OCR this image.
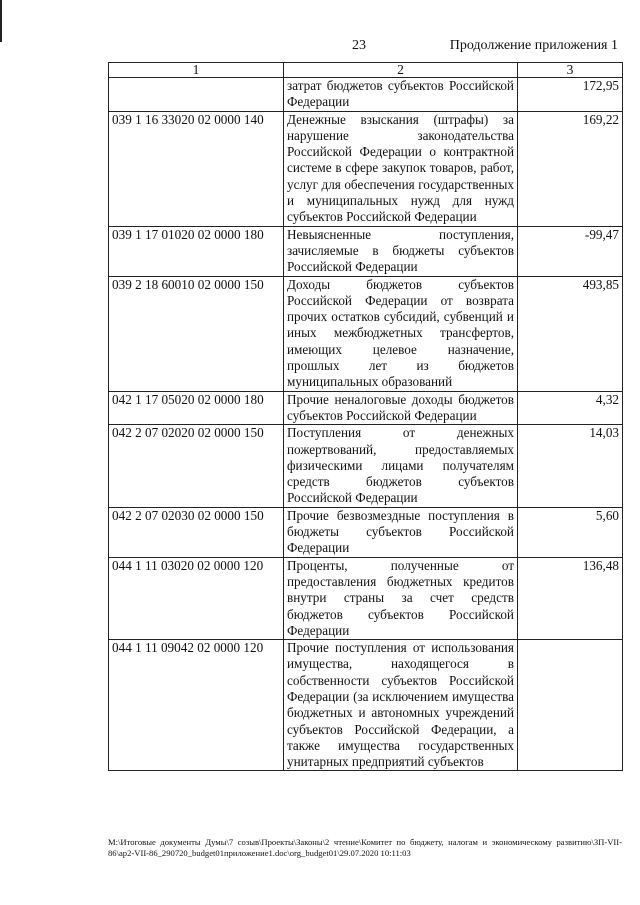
23	Продолжение приложения 1
1	2	3
	затрат бюджетов субъектов Российской Федерации	172,95
039 1 16 33020 02 0000 140	Денежные взыскания (штрафы) за нарушение законодательства Российской Федерации о контрактной системе в сфере закупок товаров, работ, услуг для обеспечения государственных и муниципальных нужд для нужд субъектов Российской Федерации	169,22
039 1 17 01020 02 0000 180	Невыясненные поступления, зачисляемые в бюджеты субъектов Российской Федерации	-99,47
039 2 18 60010 02 0000 150	Доходы бюджетов субъектов Российской Федерации от возврата прочих остатков субсидий, субвенций и иных межбюджетных трансфертов, имеющих целевое назначение, прошлых лет из бюджетов муниципальных образований	493,85
042 1 17 05020 02 0000 180	Прочие неналоговые доходы бюджетов субъектов Российской Федерации	4,32
042 2 07 02020 02 0000 150	Поступления от денежных пожертвований, предоставляемых физическими лицами получателям средств бюджетов субъектов Российской Федерации	14,03
042 2 07 02030 02 0000 150	Прочие безвозмездные поступления в бюджеты субъектов Российской Федерации	5,60
044 1 11 03020 02 0000 120	Проценты, полученные от предоставления бюджетных кредитов внутри страны за счет средств бюджетов субъектов Российской Федерации	136,48
044 1 11 09042 02 0000 120	Прочие поступления от использования имущества, находящегося в собственности субъектов Российской Федерации (за исключением имущества бюджетных и автономных учреждений субъектов Российской Федерации, а также имущества государственных унитарных предприятий субъектов	
M:\Итоговые документы Думы\7 созыв\Проекты\Законы\2 чтение\Комитет по бюджету, налогам и экономическому развитию\ЗП-VII-86\ap2-VII-86_290720_budget01приложение1.doc\org_budget01\29.07.2020 10:11:03
